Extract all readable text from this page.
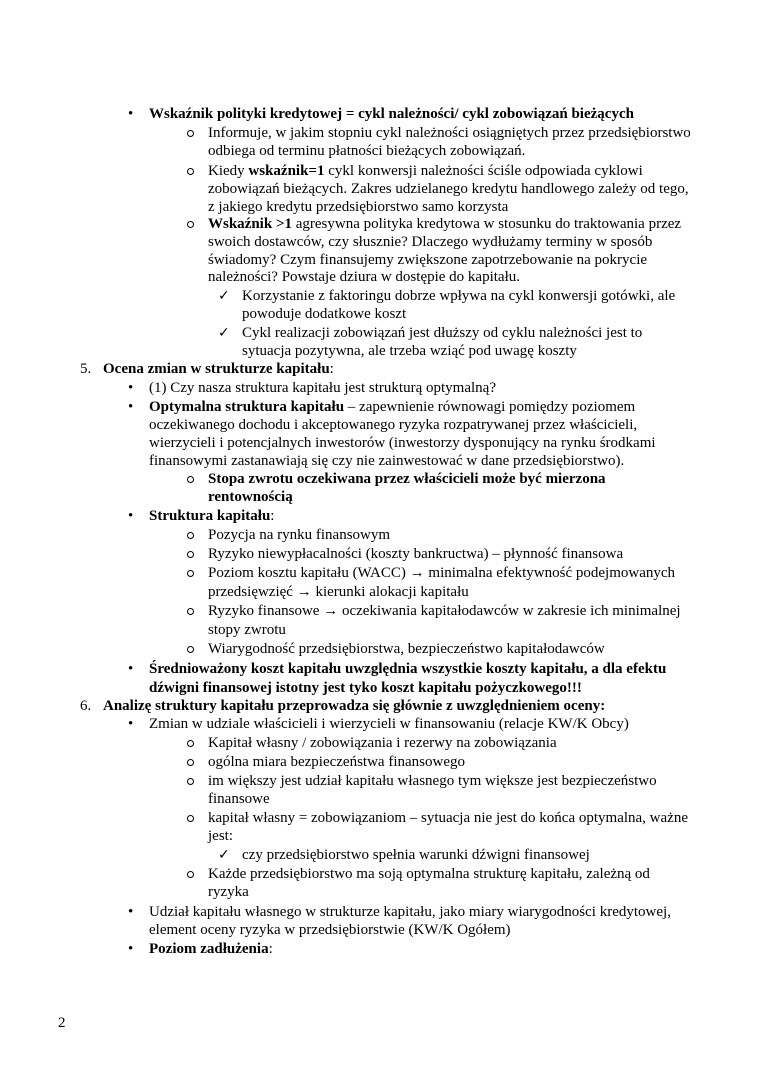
• Wskaźnik polityki kredytowej = cykl należności/ cykl zobowiązań bieżących
Informuje, w jakim stopniu cykl należności osiągniętych przez przedsiębiorstwo
odbiega od terminu płatności bieżących zobowiązań.
Kiedy wskaźnik=1 cykl konwersji należności ściśle odpowiada cyklowi
zobowiązań bieżących. Zakres udzielanego kredytu handlowego zależy od tego,
z jakiego kredytu przedsiębiorstwo samo korzysta
Wskaźnik >1 agresywna polityka kredytowa w stosunku do traktowania przez
swoich dostawców, czy słusznie? Dlaczego wydłużamy terminy w sposób
świadomy? Czym finansujemy zwiększone zapotrzebowanie na pokrycie
należności? Powstaje dziura w dostępie do kapitału.
✓ Korzystanie z faktoringu dobrze wpływa na cykl konwersji gotówki, ale
powoduje dodatkowe koszt
✓ Cykl realizacji zobowiązań jest dłuższy od cyklu należności jest to
sytuacja pozytywna, ale trzeba wziąć pod uwagę koszty
5. Ocena zmian w strukturze kapitału:
• (1) Czy nasza struktura kapitału jest strukturą optymalną?
• Optymalna struktura kapitału – zapewnienie równowagi pomiędzy poziomem
oczekiwanego dochodu i akceptowanego ryzyka rozpatrywanej przez właścicieli,
wierzycieli i potencjalnych inwestorów (inwestorzy dysponujący na rynku środkami
finansowymi zastanawiają się czy nie zainwestować w dane przedsiębiorstwo).
Stopa zwrotu oczekiwana przez właścicieli może być mierzona
rentownością
• Struktura kapitału:
Pozycja na rynku finansowym
Ryzyko niewypłacalności (koszty bankructwa) – płynność finansowa
Poziom kosztu kapitału (WACC) → minimalna efektywność podejmowanych
przedsięwzięć → kierunki alokacji kapitału
Ryzyko finansowe → oczekiwania kapitałodawców w zakresie ich minimalnej
stopy zwrotu
Wiarygodność przedsiębiorstwa, bezpieczeństwo kapitałodawców
• Średnioważony koszt kapitału uwzględnia wszystkie koszty kapitału, a dla efektu
dźwigni finansowej istotny jest tyko koszt kapitału pożyczkowego!!!
6. Analizę struktury kapitału przeprowadza się głównie z uwzględnieniem oceny:
• Zmian w udziale właścicieli i wierzycieli w finansowaniu (relacje KW/K Obcy)
Kapitał własny / zobowiązania i rezerwy na zobowiązania
ogólna miara bezpieczeństwa finansowego
im większy jest udział kapitału własnego tym większe jest bezpieczeństwo
finansowe
kapitał własny = zobowiązaniom – sytuacja nie jest do końca optymalna, ważne
jest:
✓ czy przedsiębiorstwo spełnia warunki dźwigni finansowej
Każde przedsiębiorstwo ma soją optymalna strukturę kapitału, zależną od
ryzyka
• Udział kapitału własnego w strukturze kapitału, jako miary wiarygodności kredytowej,
element oceny ryzyka w przedsiębiorstwie (KW/K Ogółem)
• Poziom zadłużenia:
2
